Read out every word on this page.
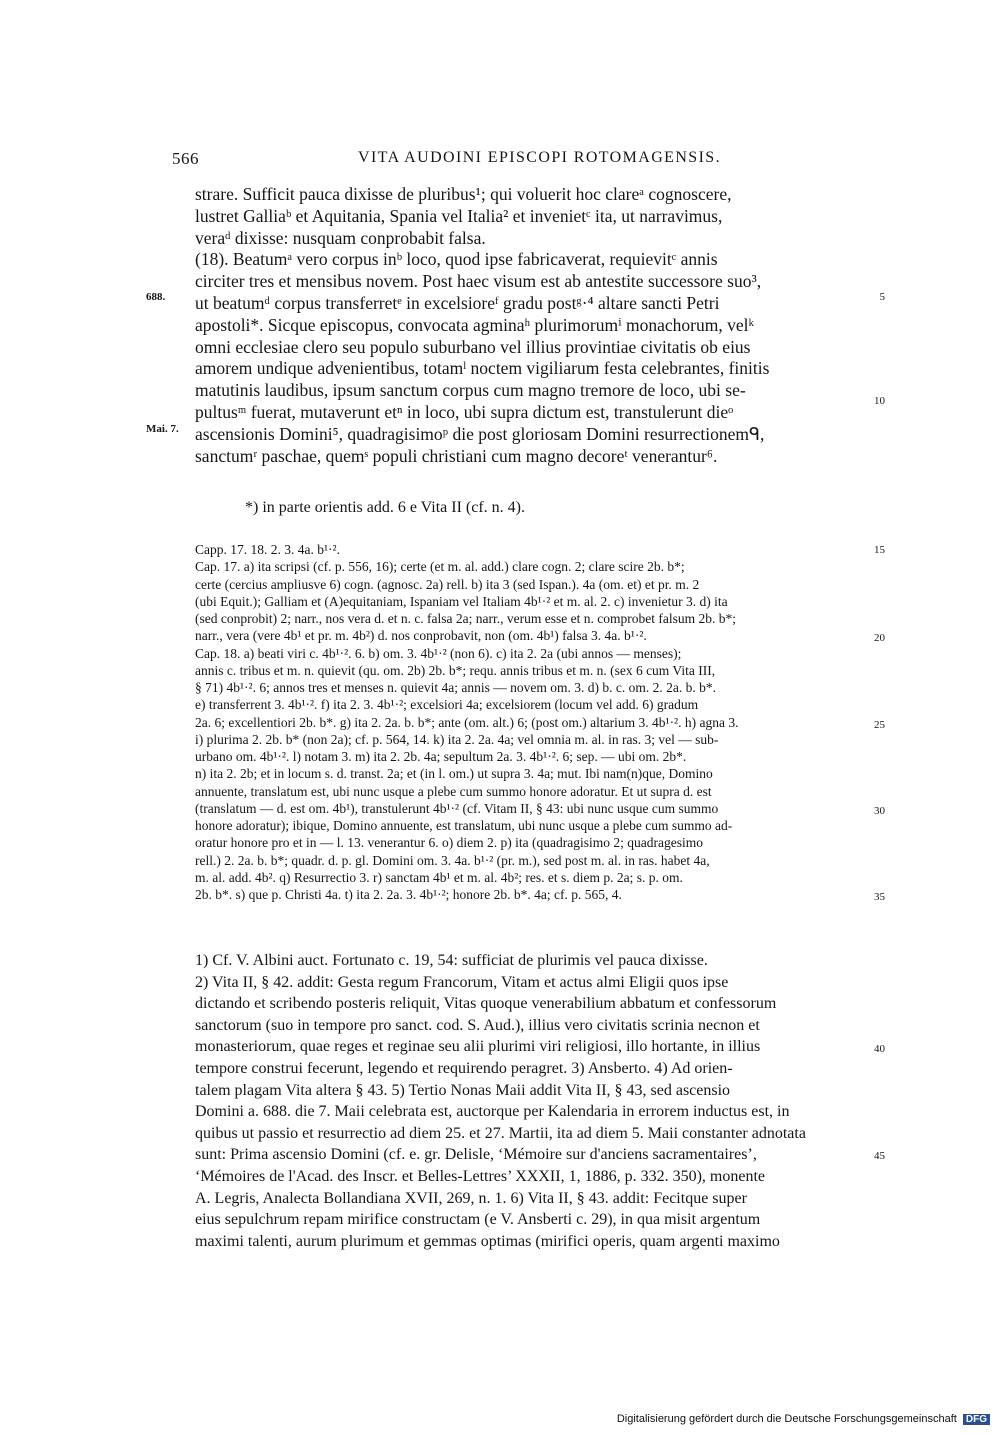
566	VITA AUDOINI EPISCOPI ROTOMAGENSIS.
strare. Sufficit pauca dixisse de pluribus¹; qui voluerit hoc clareᵃ cognoscere,
lustret Galliaᵇ et Aquitania, Spania vel Italia² et invenietᶜ ita, ut narravimus,
veraᵈ dixisse: nusquam conprobabit falsa.
(18). Beatumᵃ vero corpus inᵇ loco, quod ipse fabricaverat, requievitᶜ annis
circiter tres et mensibus novem. Post haec visum est ab antestite successore suo³,
ut beatumᵈ corpus transferretᵉ in excelsioreᶠ gradu postᵍ·⁴ altare sancti Petri
apostoli*. Sicque episcopus, convocata agminaʰ plurimorumⁱ monachorum, velᵏ
omni ecclesiae clero seu populo suburbano vel illius provintiae civitatis ob eius
amorem undique advenientibus, totamˡ noctem vigiliarum festa celebrantes, finitis
matutinis laudibus, ipsum sanctum corpus cum magno tremore de loco, ubi se-
pultusᵐ fuerat, mutaverunt etⁿ in loco, ubi supra dictum est, transtulerunt dieᵒ
ascensionis Domini⁵, quadragisimoᵖ die post gloriosam Domini resurrectionemᑫ,
sanctumʳ paschae, quemˢ populi christiani cum magno decoreᵗ venerantur⁶.
*) in parte orientis add. 6 e Vita II (cf. n. 4).
Capp. 17. 18. 2. 3. 4a. b¹·².
Cap. 17. a) ita scripsi (cf. p. 556, 16); certe (et m. al. add.) clare cogn. 2; clare scire 2b. b*;
certe (cercius ampliusve 6) cogn. (agnosc. 2a) rell. b) ita 3 (sed Ispan.). 4a (om. et) et pr. m. 2
(ubi Equit.); Galliam et (A)equitaniam, Ispaniam vel Italiam 4b¹·² et m. al. 2. c) invenietur 3. d) ita
(sed conprobit) 2; narr., nos vera d. et n. c. falsa 2a; narr., verum esse et n. comprobet falsum 2b. b*;
narr., vera (vere 4b¹ et pr. m. 4b²) d. nos conprobavit, non (om. 4b¹) falsa 3. 4a. b¹·².
Cap. 18. a) beati viri c. 4b¹·². 6. b) om. 3. 4b¹·² (non 6). c) ita 2. 2a (ubi annos — menses);
annis c. tribus et m. n. quievit (qu. om. 2b) 2b. b*; requ. annis tribus et m. n. (sex 6 cum Vita III,
§ 71) 4b¹·². 6; annos tres et menses n. quievit 4a; annis — novem om. 3. d) b. c. om. 2. 2a. b. b*.
e) transferrent 3. 4b¹·². f) ita 2. 3. 4b¹·²; excelsiori 4a; excelsiorem (locum vel add. 6) gradum
2a. 6; excellentiori 2b. b*. g) ita 2. 2a. b. b*; ante (om. alt.) 6; (post om.) altarium 3. 4b¹·². h) agna 3.
i) plurima 2. 2b. b* (non 2a); cf. p. 564, 14. k) ita 2. 2a. 4a; vel omnia m. al. in ras. 3; vel — sub-
urbano om. 4b¹·². l) notam 3. m) ita 2. 2b. 4a; sepultum 2a. 3. 4b¹·². 6; sep. — ubi om. 2b*.
n) ita 2. 2b; et in locum s. d. transt. 2a; et (in l. om.) ut supra 3. 4a; mut. Ibi nam(n)que, Domino
annuente, translatum est, ubi nunc usque a plebe cum summo honore adoratur. Et ut supra d. est
(translatum — d. est om. 4b¹), transtulerunt 4b¹·² (cf. Vitam II, § 43: ubi nunc usque cum summo
honore adoratur); ibique, Domino annuente, est translatum, ubi nunc usque a plebe cum summo ad-
oratur honore pro et in — l. 13. venerantur 6. o) diem 2. p) ita (quadragisimo 2; quadragesimo
rell.) 2. 2a. b. b*; quadr. d. p. gl. Domini om. 3. 4a. b¹·² (pr. m.), sed post m. al. in ras. habet 4a,
m. al. add. 4b². q) Resurrectio 3. r) sanctam 4b¹ et m. al. 4b²; res. et s. diem p. 2a; s. p. om.
2b. b*. s) que p. Christi 4a. t) ita 2. 2a. 3. 4b¹·²; honore 2b. b*. 4a; cf. p. 565, 4.
1) Cf. V. Albini auct. Fortunato c. 19, 54: sufficiat de plurimis vel pauca dixisse.
2) Vita II, § 42. addit: Gesta regum Francorum, Vitam et actus almi Eligii quos ipse
dictando et scribendo posteris reliquit, Vitas quoque venerabilium abbatum et confessorum
sanctorum (suo in tempore pro sanct. cod. S. Aud.), illius vero civitatis scrinia necnon et
monasteriorum, quae reges et reginae seu alii plurimi viri religiosi, illo hortante, in illius
tempore construi fecerunt, legendo et requirendo peragret. 3) Ansberto. 4) Ad orien-
talem plagam Vita altera § 43. 5) Tertio Nonas Maii addit Vita II, § 43, sed ascensio
Domini a. 688. die 7. Maii celebrata est, auctorque per Kalendaria in errorem inductus est, in
quibus ut passio et resurrectio ad diem 25. et 27. Martii, ita ad diem 5. Maii constanter adnotata
sunt: Prima ascensio Domini (cf. e. gr. Delisle, ‘Mémoire sur d'anciens sacramentaires’,
‘Mémoires de l'Acad. des Inscr. et Belles-Lettres’ XXXII, 1, 1886, p. 332. 350), monente
A. Legris, Analecta Bollandiana XVII, 269, n. 1. 6) Vita II, § 43. addit: Fecitque super
eius sepulchrum repam mirifice constructam (e V. Ansberti c. 29), in qua misit argentum
maximi talenti, aurum plurimum et gemmas optimas (mirifici operis, quam argenti maximo
688.
Mai. 7.
5
10
15
20
25
30
35
40
45
Digitalisierung gefördert durch die Deutsche Forschungsgemeinschaft DFG
